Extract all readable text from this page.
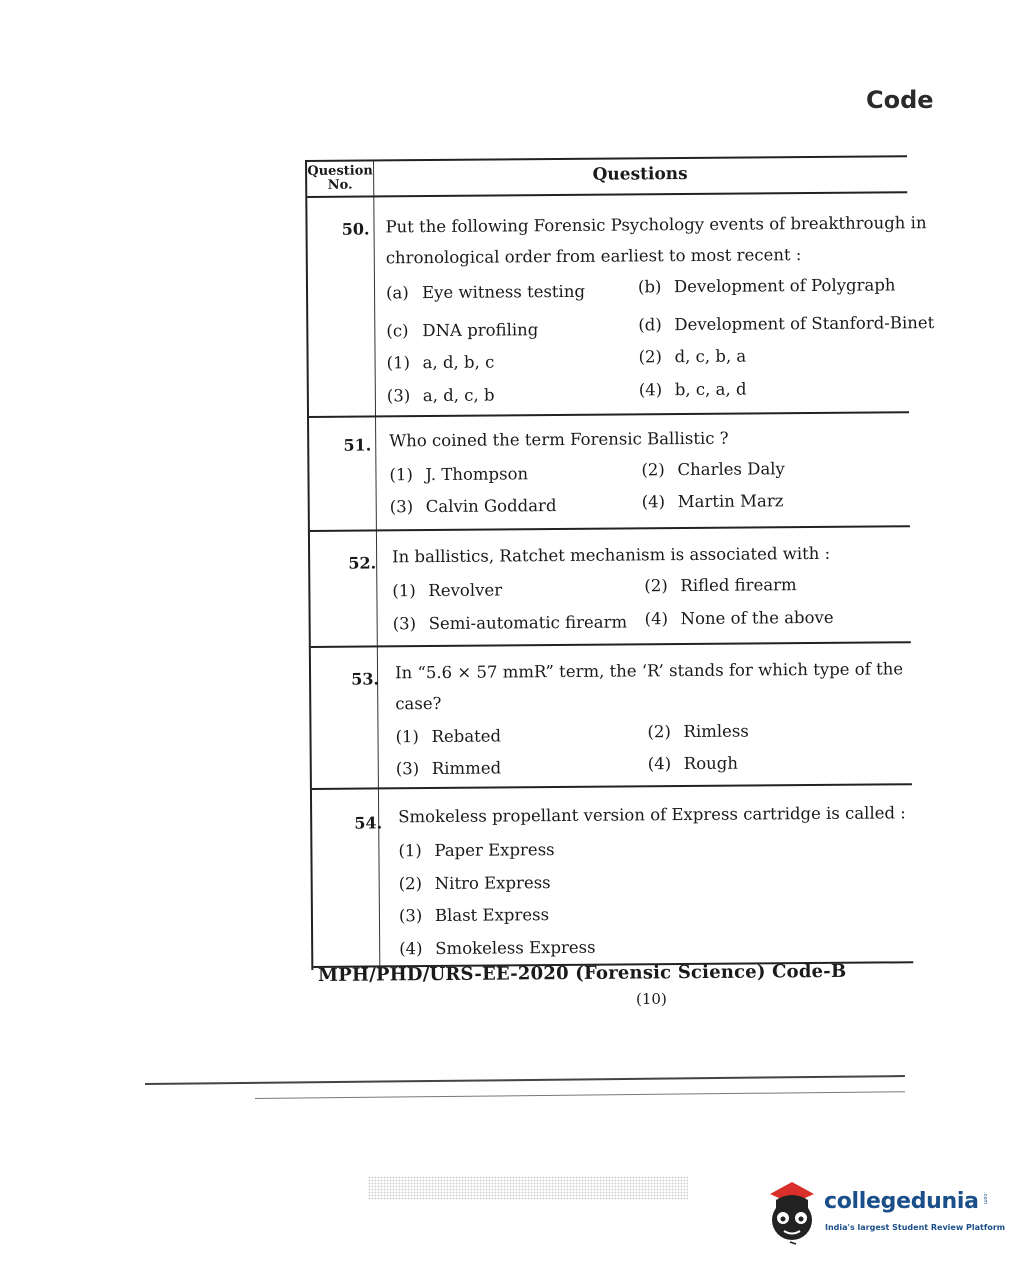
Code
Question No.
Questions
50. Put the following Forensic Psychology events of breakthrough in
chronological order from earliest to most recent :
(a) Eye witness testing	(b) Development of Polygraph
(c) DNA profiling	(d) Development of Stanford-Binet
(1) a, d, b, c	(2) d, c, b, a
(3) a, d, c, b	(4) b, c, a, d
51. Who coined the term Forensic Ballistic ?
(1) J. Thompson	(2) Charles Daly
(3) Calvin Goddard	(4) Martin Marz
52. In ballistics, Ratchet mechanism is associated with :
(1) Revolver	(2) Rifled firearm
(3) Semi-automatic firearm	(4) None of the above
53. In “5.6 × 57 mmR” term, the ‘R’ stands for which type of the
case?
(1) Rebated	(2) Rimless
(3) Rimmed	(4) Rough
54. Smokeless propellant version of Express cartridge is called :
(1) Paper Express
(2) Nitro Express
(3) Blast Express
(4) Smokeless Express
MPH/PHD/URS-EE-2020 (Forensic Science) Code-B
(10)
collegedunia .com
India's largest Student Review Platform
